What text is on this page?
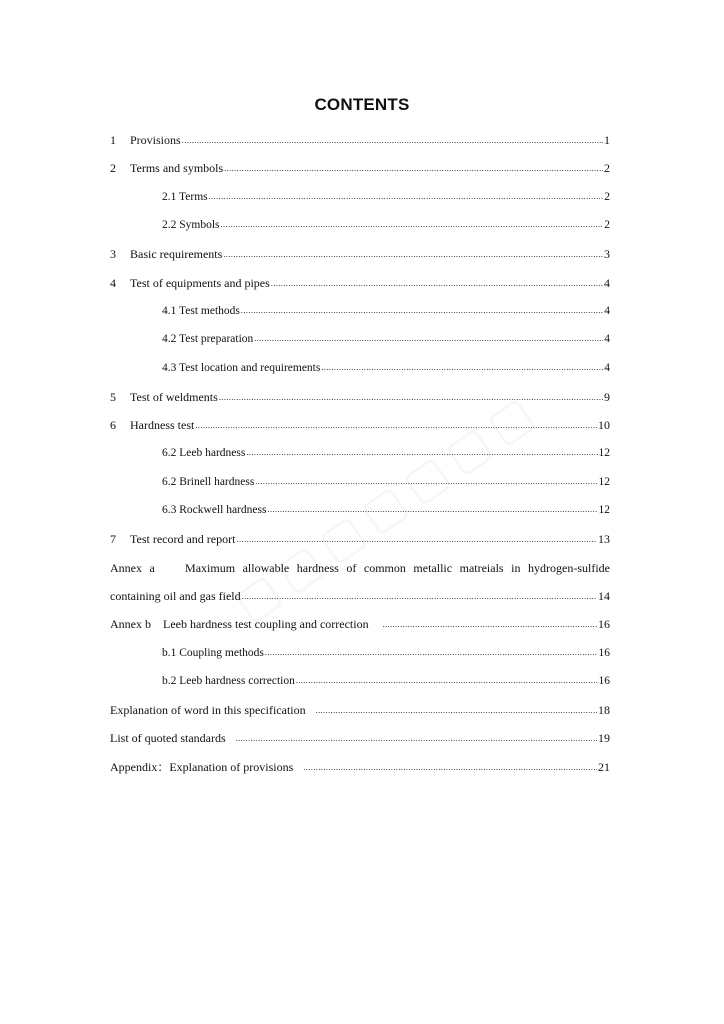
CONTENTS
1	Provisions .....	1
2	Terms and symbols .....	2
2.1 Terms .....	2
2.2 Symbols .....	2
3	Basic requirements .....	3
4	Test of equipments and pipes .....	4
4.1 Test methods .....	4
4.2 Test preparation .....	4
4.3 Test location and requirements .....	4
5	Test of weldments .....	9
6	Hardness test .....	10
6.2 Leeb hardness .....	12
6.2 Brinell hardness .....	12
6.3 Rockwell hardness .....	12
7	Test record and report .....	13
Annex a    Maximum allowable hardness of common metallic matreials in hydrogen-sulfide
containing oil and gas field .....	14
Annex b    Leeb hardness test coupling and correction .....	16
b.1 Coupling methods .....	16
b.2 Leeb hardness correction .....	16
Explanation of word in this specification .....	18
List of quoted standards .....	19
Appendix：Explanation of provisions .....	21
